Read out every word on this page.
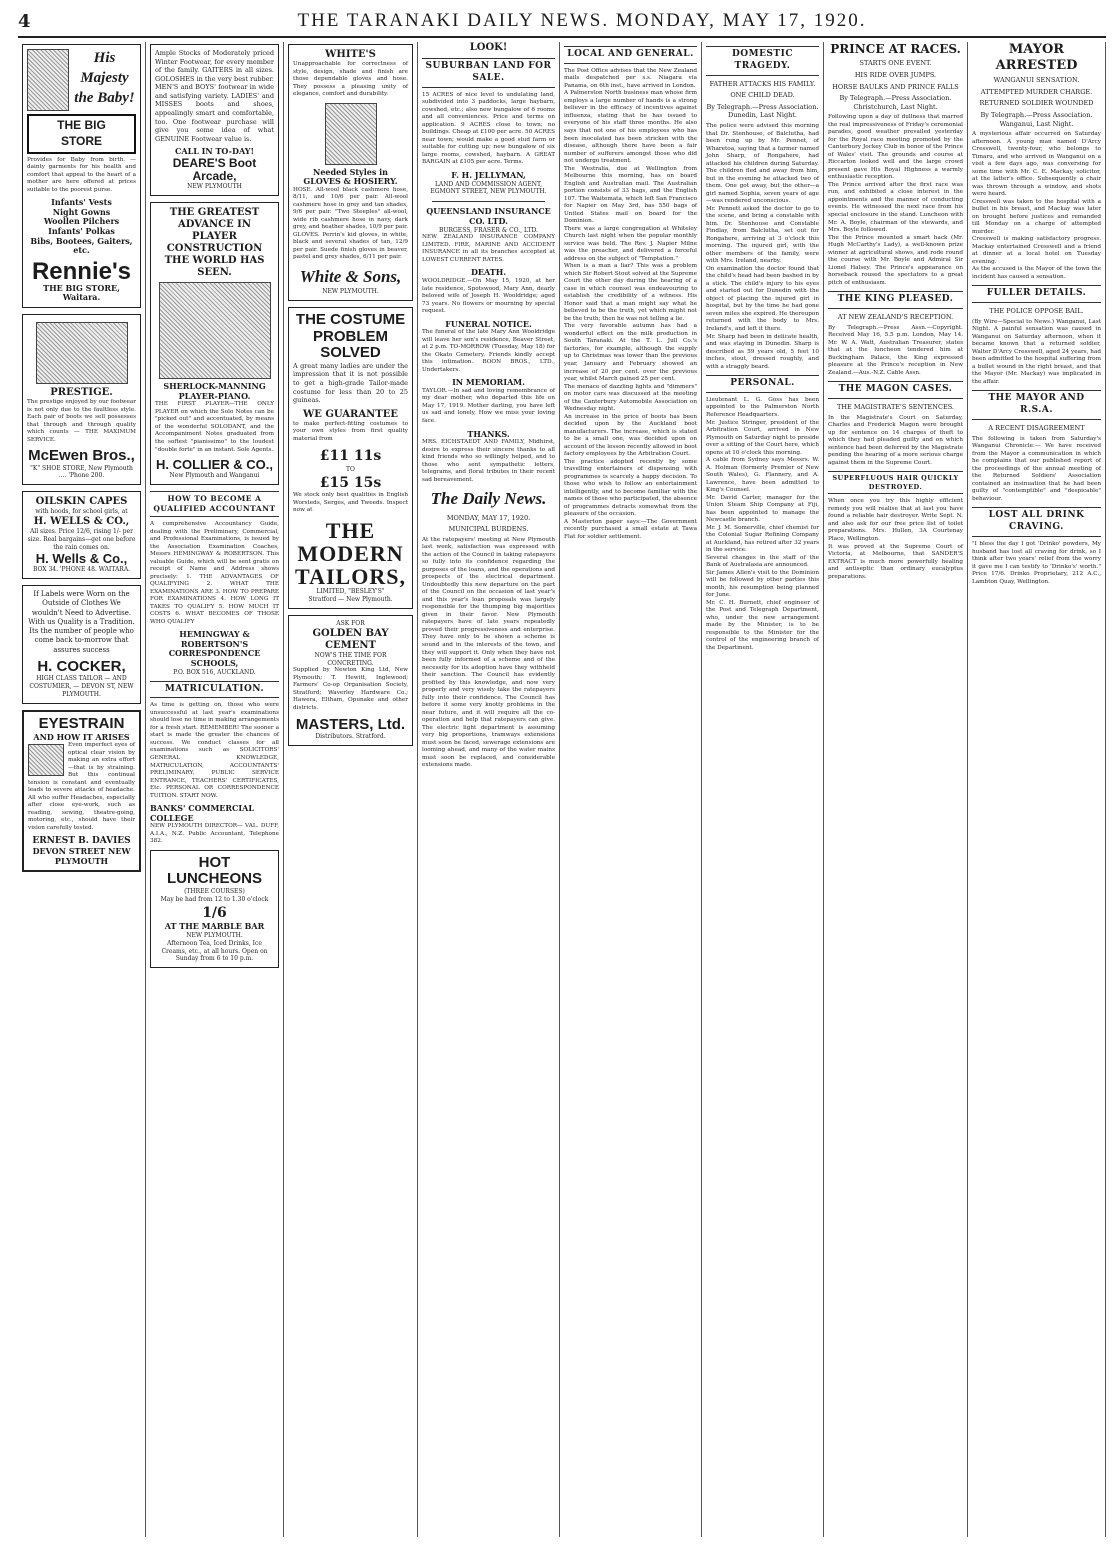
4	THE TARANAKI DAILY NEWS. MONDAY, MAY 17, 1920.
His Majesty the Baby!
THE BIG STORE
Provides for Baby from birth. — dainty garments for his health and comfort that appeal to the heart of a mother are here offered at prices suitable to the poorest purse.
Infants' Vests
Night Gowns
Woollen Pilchers
Infants' Polkas
Bibs, Bootees, Gaiters, etc.
Rennie's
THE BIG STORE, Waitara.
PRESTIGE.
The prestige enjoyed by our footwear is not only due to the faultless style. Each pair of boots we sell possesses that through and through quality which counts — THE MAXIMUM SERVICE.
McEwen Bros.,
"K" SHOE STORE, New Plymouth .... 'Phone 200.
OILSKIN CAPES
with hoods, for school girls, at
H. WELLS & CO.,
All sizes. Price 12/6, rising 1/- per size. Real bargains—get one before the rain comes on.
H. Wells & Co.,
BOX 34. 'PHONE 48. WAITARA.
If Labels were Worn on the Outside of Clothes We wouldn't Need to Advertise. With us Quality is a Tradition. Its the number of people who come back to-morrow that assures success
H. COCKER,
HIGH CLASS TAILOR — AND COSTUMIER, — DEVON ST, NEW PLYMOUTH.
EYESTRAIN
AND HOW IT ARISES
Even imperfect eyes of optical clear vision by making an extra effort—that is by straining. But this continual tension is constant and eventually leads to severe attacks of headache. All who suffer Headaches, especially after close eye-work, such as reading, sewing, theatre-going, motoring, etc., should have their vision carefully tested.
ERNEST B. DAVIES
DEVON STREET NEW PLYMOUTH
Ample Stocks of Moderately priced Winter Footwear, for every member of the family. GAITERS in all sizes. GOLOSHES in the very best rubber. MEN'S and BOYS' footwear in wide and satisfying variety. LADIES' and MISSES boots and shoes, appealingly smart and comfortable, too. One footwear purchase will give you some idea of what GENUINE Footwear value is.
CALL IN TO-DAY!
DEARE'S Boot Arcade,
NEW PLYMOUTH
THE GREATEST ADVANCE IN PLAYER CONSTRUCTION THE WORLD HAS SEEN.
SHERLOCK-MANNING PLAYER-PIANO.
THE FIRST PLAYER—THE ONLY PLAYER on which the Solo Notes can be "picked out" and accentuated, by means of the wonderful SOLODANT, and the Accompaniment Notes graduated from the softest "pianissimo" to the loudest "double forte" in an instant. Sole Agents.
H. COLLIER & CO.,
New Plymouth and Wanganui
HOW TO BECOME A QUALIFIED ACCOUNTANT
A comprehensive Accountancy Guide, dealing with the Preliminary, Commercial, and Professional Examinations, is issued by the Association Examination Coaches, Messrs HEMINGWAY & ROBERTSON. This valuable Guide, which will be sent gratis on receipt of Name and Address shows precisely: 1. THE ADVANTAGES OF QUALIFYING 2. WHAT THE EXAMINATIONS ARE 3. HOW TO PREPARE FOR EXAMINATIONS 4. HOW LONG IT TAKES TO QUALIFY 5. HOW MUCH IT COSTS 6. WHAT BECOMES OF THOSE WHO QUALIFY
HEMINGWAY & ROBERTSON'S CORRESPONDENCE SCHOOLS,
P.O. BOX 516, AUCKLAND.
MATRICULATION.
As time is getting on, those who were unsuccessful at last year's examinations should lose no time in making arrangements for a fresh start. REMEMBER! The sooner a start is made the greater the chances of success. We conduct classes for all examinations such as SOLICITORS' GENERAL KNOWLEDGE, MATRICULATION, ACCOUNTANTS' PRELIMINARY, PUBLIC SERVICE ENTRANCE, TEACHERS' CERTIFICATES, Etc. PERSONAL OR CORRESPONDENCE TUITION. START NOW.
BANKS' COMMERCIAL COLLEGE
NEW PLYMOUTH DIRECTOR— VAL. DUFF, A.I.A., N.Z. Public Accountant, Telephone 382.
HOT LUNCHEONS
(THREE COURSES)
May be had from 12 to 1.30 o'clock
1/6
AT THE MARBLE BAR
NEW PLYMOUTH.
Afternoon Tea, Iced Drinks, Ice Creams, etc., at all hours. Open on Sunday from 6 to 10 p.m.
WHITE'S
Unapproachable for correctness of style, design, shade and finish are those dependable gloves and hose. They possess a pleasing unity of elegance, comfort and durability.
Needed Styles in GLOVES & HOSIERY.
HOSE. All-wool black cashmere hose, 8/11, and 10/6 per pair. All-wool cashmere hose in grey and tan shades, 9/6 per pair. "Two Steeples" all-wool, wide rib cashmere hose in navy, dark grey, and heather shades, 10/9 per pair. GLOVES. Perrin's kid gloves, in white, black and several shades of tan, 12/9 per pair. Suede finish gloves in beaver, pastel and grey shades, 6/11 per pair.
White & Sons,
NEW PLYMOUTH.
THE COSTUME PROBLEM SOLVED
A great many ladies are under the impression that it is not possible to get a high-grade Tailor-made costume for less than 20 to 25 guineas.
WE GUARANTEE
to make perfect-fitting costumes to your own styles from first quality material from
£11 11s
TO
£15 15s
We stock only best qualities in English Worsteds, Serges, and Tweeds. Inspect now at
THE MODERN TAILORS,
LIMITED, "BESLEY'S"
Stratford — New Plymouth.
ASK FOR
GOLDEN BAY CEMENT
NOW'S THE TIME FOR CONCRETING.
Supplied by Newton King Ltd, New Plymouth; T. Hewitt, Inglewood; Farmers' Co-op Organisation Society, Stratford; Waverley Hardware Co.; Hawera, Eltham, Opunake and other districts.
MASTERS, Ltd.
Distributors. Stratford.
LOOK!
SUBURBAN LAND FOR SALE.
15 ACRES of nice level to undulating land, subdivided into 3 paddocks, large haybarn, cowshed, etc.; also new bungalow of 6 rooms and all conveniences. Price and terms on application. 9 ACRES close to town; no buildings. Cheap at £100 per acre. 50 ACRES near town; would make a good stud farm or suitable for cutting up; new bungalow of six large rooms, cowshed, haybarn. A GREAT BARGAIN at £105 per acre. Terms.
F. H. JELLYMAN,
LAND AND COMMISSION AGENT, EGMONT STREET, NEW PLYMOUTH.
QUEENSLAND INSURANCE CO. LTD.
BURGESS, FRASER & CO., LTD.
NEW ZEALAND INSURANCE COMPANY LIMITED. FIRE, MARINE AND ACCIDENT INSURANCE in all its branches accepted at LOWEST CURRENT RATES.
DEATH.
WOOLDRIDGE.—On May 15, 1920, at her late residence, Spotswood, Mary Ann, dearly beloved wife of Joseph H. Wooldridge; aged 73 years. No flowers or mourning by special request.
FUNERAL NOTICE.
The funeral of the late Mary Ann Wooldridge will leave her son's residence, Beaver Street, at 2 p.m. TO-MORROW (Tuesday, May 18) for the Okato Cemetery. Friends kindly accept this intimation. BOON BROS., LTD., Undertakers.
IN MEMORIAM.
TAYLOR.—In sad and loving remembrance of my dear mother, who departed this life on May 17, 1919. Mother darling, you have left us sad and lonely, How we miss your loving face.
THANKS.
MRS. EICHSTAEDT AND FAMILY, Midhirst, desire to express their sincere thanks to all kind friends who so willingly helped, and to those who sent sympathetic letters, telegrams, and floral tributes in their recent sad bereavement.
The Daily News.
MONDAY, MAY 17, 1920.
MUNICIPAL BURDENS.
At the ratepayers' meeting at New Plymouth last week, satisfaction was expressed with the action of the Council in taking ratepayers so fully into its confidence regarding the purposes of the loans, and the operations and prospects of the electrical department. Undoubtedly this new departure on the part of the Council on the occasion of last year's and this year's loan proposals was largely responsible for the thumping big majorities given in their favor. New Plymouth ratepayers have of late years repeatedly proved their progressiveness and enterprise. They have only to be shown a scheme is sound and in the interests of the town, and they will support it. Only when they have not been fully informed of a scheme and of the necessity for its adoption have they withheld their sanction. The Council has evidently profited by this knowledge, and now very properly and very wisely take the ratepayers fully into their confidence. The Council has before it some very knotty problems in the near future, and it will require all the co-operation and help that ratepayers can give. The electric light department is assuming very big proportions, tramways extensions must soon be faced, sewerage extensions are looming ahead, and many of the water mains must soon be replaced, and considerable extensions made.
LOCAL AND GENERAL.
The Post Office advises that the New Zealand mails despatched per s.s. Niagara via Panama, on 6th inst., have arrived in London.
A Palmerston North business man whose firm employs a large number of hands is a strong believer in the efficacy of incentives against influenza, stating that he has issued to everyone of his staff three months. He also says that not one of his employees who has been inoculated has been stricken with the disease, although there have been a fair number of sufferers amongst those who did not undergo treatment.
The Westralia, due at Wellington from Melbourne this morning, has on board English and Australian mail. The Australian portion consists of 33 bags, and the English 107. The Waitemata, which left San Francisco for Napier on May 3rd, has 550 bags of United States mail on board for the Dominion.
There was a large congregation at Whiteley Church last night when the popular monthly service was held. The Rev. J. Napier Milne was the preacher, and delivered a forceful address on the subject of "Temptation."
When is a man a liar? This was a problem which Sir Robert Stout solved at the Supreme Court the other day during the hearing of a case in which counsel was endeavouring to establish the credibility of a witness. His Honor said that a man might say what he believed to be the truth, yet which might not be the truth; then he was not telling a lie.
The very favorable autumn has had a wonderful effect on the milk production in South Taranaki. At the T. L. Jull Co.'s factories, for example, although the supply up to Christmas was lower than the previous year, January and February showed an increase of 20 per cent. over the previous year, whilst March gained 25 per cent.
The menace of dazzling lights and "dimmers" on motor cars was discussed at the meeting of the Canterbury Automobile Association on Wednesday night.
An increase in the price of boots has been decided upon by the Auckland boot manufacturers. The increase, which is stated to be a small one, was decided upon on account of the lesson recently allowed in boot factory employees by the Arbitration Court.
The practice adopted recently by some travelling entertainers of dispensing with programmes is scarcely a happy decision. To those who wish to follow an entertainment intelligently, and to become familiar with the names of those who participated, the absence of programmes detracts somewhat from the pleasure of the occasion.
A Masterton paper says:—The Government recently purchased a small estate at Tawa Flat for soldier settlement.
DOMESTIC TRAGEDY.
FATHER ATTACKS HIS FAMILY.
ONE CHILD DEAD.
By Telegraph.—Press Association. Dunedin, Last Night.
The police were advised this morning that Dr. Stenhouse, of Balclutha, had been rung up by Mr. Pennet, of Wharetoa, saying that a farmer named John Sharp, of Rongahere, had attacked his children during Saturday. The children fled and away from him, but in the evening he attacked two of them. One got away, but the other—a girl named Sophia, seven years of age—was rendered unconscious.
Mr. Pennett asked the doctor to go to the scene, and bring a constable with him. Dr. Stenhouse and Constable Findlay, from Balclutha, set out for Rongahere, arriving at 3 o'clock this morning. The injured girl, with the other members of the family, were with Mrs. Ireland, nearby.
On examination the doctor found that the child's head had been bashed in by a stick. The child's injury to his eyes and started out for Dunedin with the object of placing the injured girl in hospital, but by the time he had gone seven miles she expired. He thereupon returned with the body to Mrs. Ireland's, and left it there.
Mr. Sharp had been in delicate health, and was staying in Dunedin. Sharp is described as 59 years old, 5 feet 10 inches, stout, dressed roughly, and with a straggly beard.
PERSONAL.
Lieutenant L. G. Goss has been appointed to the Palmerston North Reference Headquarters.
Mr. Justice Stringer, president of the Arbitration Court, arrived in New Plymouth on Saturday night to preside over a sitting of the Court here, which opens at 10 o'clock this morning.
A cable from Sydney says Messrs. W. A. Holman (formerly Premier of New South Wales), G. Flannery, and A. Lawrence, have been admitted to King's Counsel.
Mr. David Carter, manager for the Union Steam Ship Company at Fiji, has been appointed to manage the Newcastle branch.
Mr. J. M. Somerville, chief chemist for the Colonial Sugar Refining Company at Auckland, has retired after 32 years in the service.
Several changes in the staff of the Bank of Australasia are announced.
Sir James Allen's visit to the Dominion will be followed by other parties this month, his resumption being planned for June.
Mr. C. H. Burnett, chief engineer of the Post and Telegraph Department, who, under the new arrangement made by the Minister, is to be responsible to the Minister for the control of the engineering branch of the Department.
PRINCE AT RACES.
STARTS ONE EVENT.
HIS RIDE OVER JUMPS.
HORSE BAULKS AND PRINCE FALLS
By Telegraph.—Press Association. Christchurch, Last Night.
Following upon a day of dullness that marred the real impressiveness of Friday's ceremonial parades, good weather prevailed yesterday for the Royal race meeting promoted by the Canterbury Jockey Club in honor of the Prince of Wales' visit. The grounds and course at Riccarton looked well and the large crowd present gave His Royal Highness a warmly enthusiastic reception.
The Prince arrived after the first race was run, and exhibited a close interest in the appointments and the manner of conducting events. He witnessed the next race from his special enclosure in the stand. Luncheon with Mr. A. Boyle, chairman of the stewards, and Mrs. Boyle followed.
The the Prince mounted a smart hack (Mr. Hugh McCarthy's Lady), a well-known prize winner at agricultural shows, and rode round the course with Mr. Boyle and Admiral Sir Lionel Halsey. The Prince's appearance on horseback roused the spectators to a great pitch of enthusiasm.
THE KING PLEASED.
AT NEW ZEALAND'S RECEPTION.
By Telegraph.—Press Assn.—Copyright. Received May 16, 5.5 p.m. London, May 14. Mr. W. A. Watt, Australian Treasurer, states that at the luncheon tendered him at Buckingham Palace, the King expressed pleasure at the Prince's reception in New Zealand.—Aus.-N.Z. Cable Assn.
THE MAGON CASES.
THE MAGISTRATE'S SENTENCES.
In the Magistrate's Court on Saturday, Charles and Frederick Magon were brought up for sentence on 14 charges of theft to which they had pleaded guilty and on which sentence had been deferred by the Magistrate pending the hearing of a more serious charge against them in the Supreme Court.
SUPERFLUOUS HAIR QUICKLY DESTROYED.
When once you try this highly efficient remedy you will realise that at last you have found a reliable hair destroyer. Write Sept. N. and also ask for our free price list of toilet preparations. Mrs. Hullen, 3A Courtenay Place, Wellington.
It was proved at the Supreme Court of Victoria, at Melbourne, that SANDER'S EXTRACT is much more powerfully healing and antiseptic than ordinary eucalyptus preparations.
MAYOR ARRESTED
WANGANUI SENSATION.
ATTEMPTED MURDER CHARGE.
RETURNED SOLDIER WOUNDED
By Telegraph.—Press Association. Wanganui, Last Night.
A mysterious affair occurred on Saturday afternoon. A young man named D'Arcy Cresswell, twenty-four, who belongs to Timaru, and who arrived in Wanganui on a visit a few days ago, was conversing for some time with Mr. C. E. Mackay, solicitor, at the latter's office. Subsequently a chair was thrown through a window, and shots were heard.
Cresswell was taken to the hospital with a bullet in his breast, and Mackay was later on brought before justices and remanded till Monday on a charge of attempted murder.
Cresswell is making satisfactory progress. Mackay entertained Cresswell and a friend at dinner at a local hotel on Tuesday evening.
As the accused is the Mayor of the town the incident has caused a sensation.
FULLER DETAILS.
THE POLICE OPPOSE BAIL.
(By Wire—Special to News.) Wanganui, Last Night. A painful sensation was caused in Wanganui on Saturday afternoon, when it became known that a returned soldier, Walter D'Arcy Cresswell, aged 24 years, had been admitted to the hospital suffering from a bullet wound in the right breast, and that the Mayor (Mr. Mackay) was implicated in the affair.
THE MAYOR AND R.S.A.
A RECENT DISAGREEMENT
The following is taken from Saturday's Wanganui Chronicle:— We have received from the Mayor a communication in which he complains that our published report of the proceedings of the annual meeting of the Returned Soldiers' Association contained an insinuation that he had been guilty of "contemptible" and "despicable" behaviour.
LOST ALL DRINK CRAVING.
"I bless the day I got 'Drinko' powders, My husband has lost all craving for drink, so I think after two years' relief from the worry it gave me I can testify to 'Drinko's' worth." Price 17/6. Drinko Proprietary, 212 A.C., Lambton Quay, Wellington.
